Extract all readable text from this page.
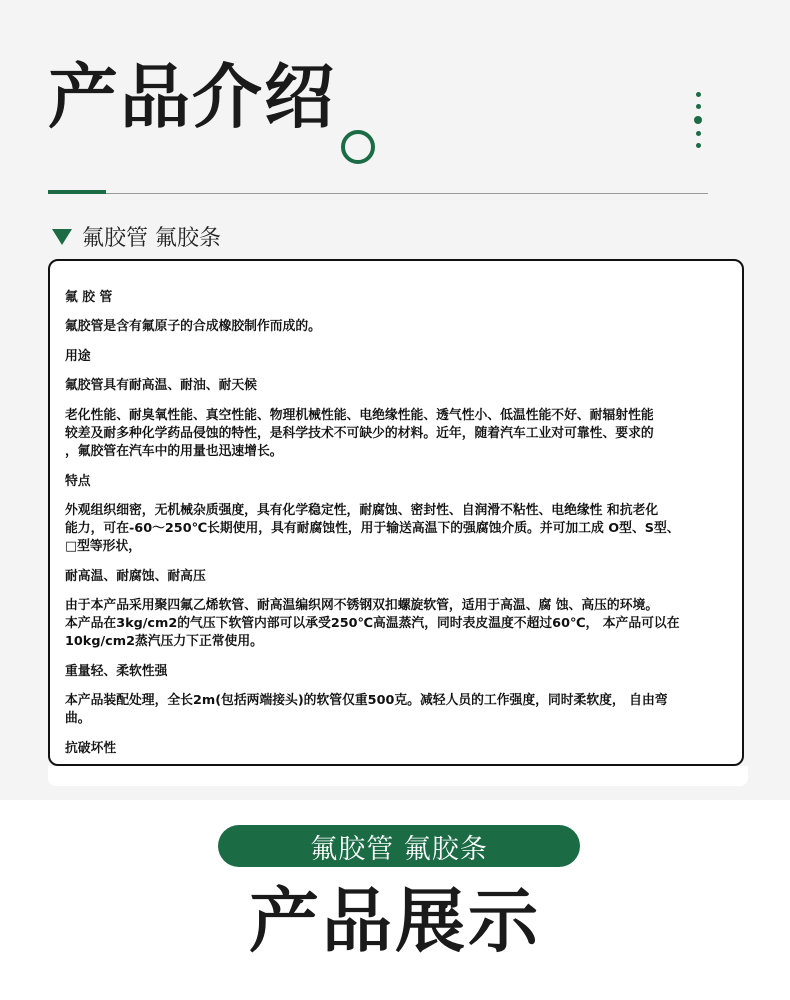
产品介绍
氟胶管 氟胶条

氟 胶 管

氟胶管是含有氟原子的合成橡胶制作而成的。

用途

氟胶管具有耐高温、耐油、耐天候

老化性能、耐臭氧性能、真空性能、物理机械性能、电绝缘性能、透气性小、低温性能不好、耐辐射性能
较差及耐多种化学药品侵蚀的特性，是科学技术不可缺少的材料。近年，随着汽车工业对可靠性、要求的
，氟胶管在汽车中的用量也迅速增长。

特点

外观组织细密，无机械杂质强度，具有化学稳定性，耐腐蚀、密封性、自润滑不粘性、电绝缘性 和抗老化
能力，可在-60～250℃长期使用，具有耐腐蚀性，用于输送高温下的强腐蚀介质。并可加工成 O型、S型、
□型等形状，

耐高温、耐腐蚀、耐高压

由于本产品采用聚四氟乙烯软管、耐高温编织网不锈钢双扣螺旋软管，适用于高温、腐 蚀、高压的环境。
本产品在3kg/cm2的气压下软管内部可以承受250℃高温蒸汽，同时表皮温度不超过60℃， 本产品可以在
10kg/cm2蒸汽压力下正常使用。

重量轻、柔软性强

本产品装配处理，全长2m(包括两端接头)的软管仅重500克。减轻人员的工作强度，同时柔软度， 自由弯
曲。

抗破坏性

氟胶管 氟胶条
产品展示
